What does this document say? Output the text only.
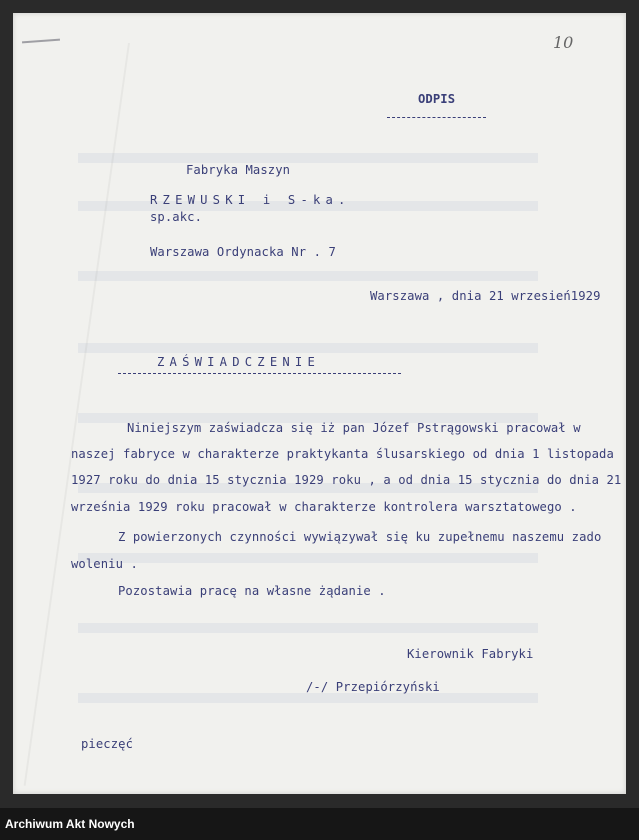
10

ODPIS

Fabryka Maszyn

RZEWUSKI i S-ka.

sp.akc.

Warszawa Ordynacka Nr . 7

Warszawa , dnia 21 wrzesień1929

ZAŚWIADCZENIE

Niniejszym zaświadcza się iż pan Józef Pstrągowski pracował w

naszej fabryce w charakterze praktykanta ślusarskiego od dnia 1 listopada

1927 roku do dnia 15 stycznia 1929 roku , a od dnia 15 stycznia do dnia 21

września 1929 roku pracował w charakterze kontrolera warsztatowego .

Z powierzonych czynności wywiązywał się ku zupełnemu naszemu zado

woleniu .

Pozostawia pracę na własne żądanie .

Kierownik Fabryki

/-/ Przepiórzyński

pieczęć

Archiwum Akt Nowych
